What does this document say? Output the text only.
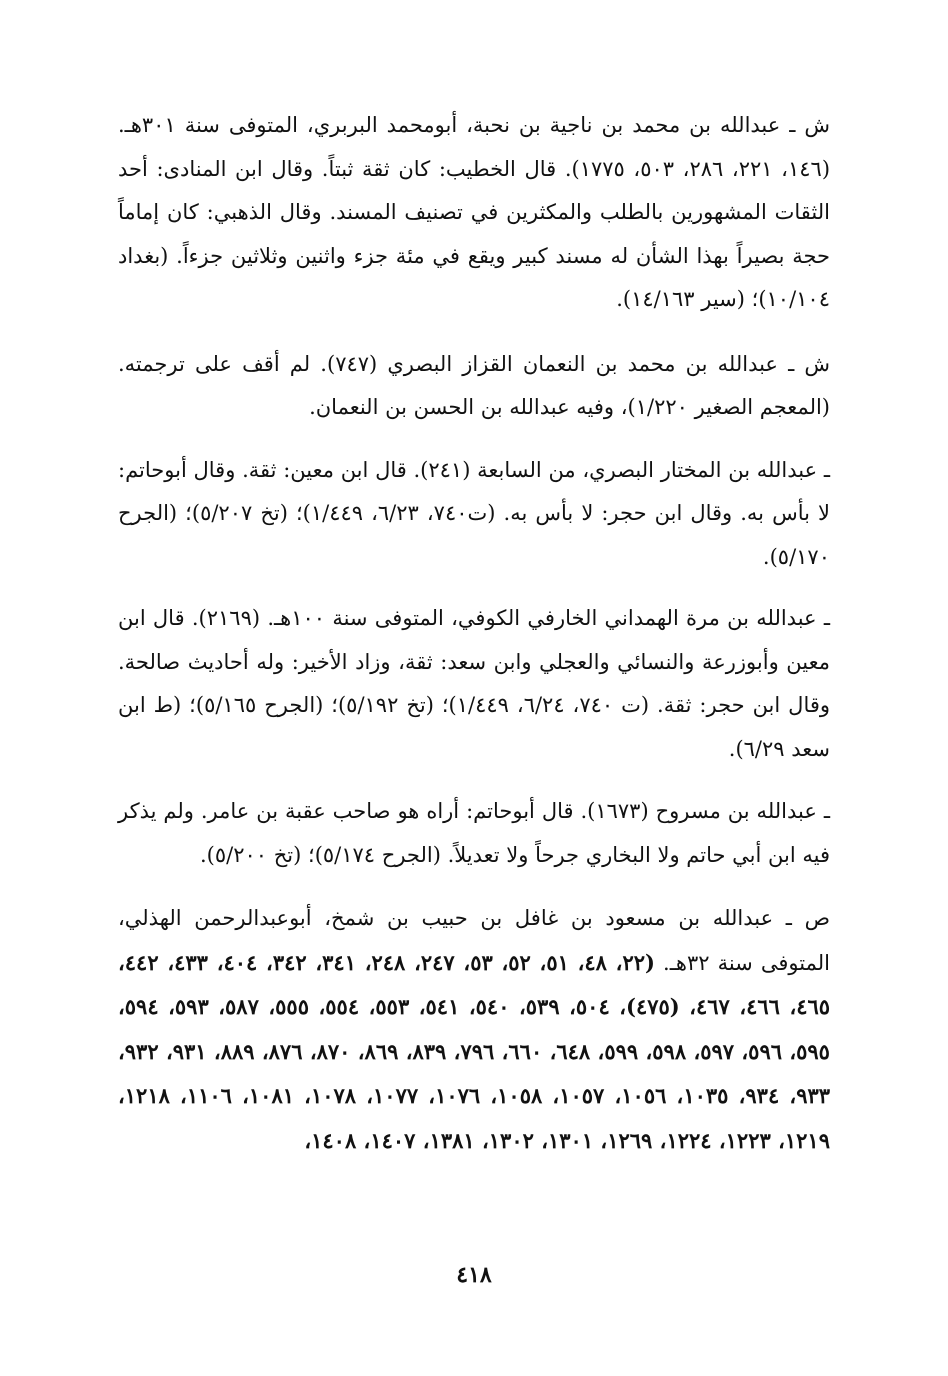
ش ـ عبدالله بن محمد بن ناجية بن نحبة، أبومحمد البربري، المتوفى سنة ٣٠١هـ. (١٤٦، ٢٢١، ٢٨٦، ٥٠٣، ١٧٧٥). قال الخطيب: كان ثقة ثبتاً. وقال ابن المنادى: أحد الثقات المشهورين بالطلب والمكثرين في تصنيف المسند. وقال الذهبي: كان إماماً حجة بصيراً بهذا الشأن له مسند كبير ويقع في مئة جزء واثنين وثلاثين جزءاً. (بغداد ١٠/١٠٤)؛ (سير ١٤/١٦٣).

ش ـ عبدالله بن محمد بن النعمان القزاز البصري (٧٤٧). لم أقف على ترجمته. (المعجم الصغير ١/٢٢٠)، وفيه عبدالله بن الحسن بن النعمان.

ـ عبدالله بن المختار البصري، من السابعة (٢٤١). قال ابن معين: ثقة. وقال أبوحاتم: لا بأس به. وقال ابن حجر: لا بأس به. (ت٧٤٠، ٦/٢٣، ١/٤٤٩)؛ (تخ ٥/٢٠٧)؛ (الجرح ٥/١٧٠).

ـ عبدالله بن مرة الهمداني الخارفي الكوفي، المتوفى سنة ١٠٠هـ. (٢١٦٩). قال ابن معين وأبوزرعة والنسائي والعجلي وابن سعد: ثقة، وزاد الأخير: وله أحاديث صالحة. وقال ابن حجر: ثقة. (ت ٧٤٠، ٦/٢٤، ١/٤٤٩)؛ (تخ ٥/١٩٢)؛ (الجرح ٥/١٦٥)؛ (ط ابن سعد ٦/٢٩).

ـ عبدالله بن مسروح (١٦٧٣). قال أبوحاتم: أراه هو صاحب عقبة بن عامر. ولم يذكر فيه ابن أبي حاتم ولا البخاري جرحاً ولا تعديلاً. (الجرح ٥/١٧٤)؛ (تخ ٥/٢٠٠).

ص ـ عبدالله بن مسعود بن غافل بن حبيب بن شمخ، أبوعبدالرحمن الهذلي، المتوفى سنة ٣٢هـ. (٢٢، ٤٨، ٥١، ٥٢، ٥٣، ٢٤٧، ٢٤٨، ٣٤١، ٣٤٢، ٤٠٤، ٤٣٣، ٤٤٢، ٤٦٥، ٤٦٦، ٤٦٧، (٤٧٥)، ٥٠٤، ٥٣٩، ٥٤٠، ٥٤١، ٥٥٣، ٥٥٤، ٥٥٥، ٥٨٧، ٥٩٣، ٥٩٤، ٥٩٥، ٥٩٦، ٥٩٧، ٥٩٨، ٥٩٩، ٦٤٨، ٦٦٠، ٧٩٦، ٨٣٩، ٨٦٩، ٨٧٠، ٨٧٦، ٨٨٩، ٩٣١، ٩٣٢، ٩٣٣، ٩٣٤، ١٠٣٥، ١٠٥٦، ١٠٥٧، ١٠٥٨، ١٠٧٦، ١٠٧٧، ١٠٧٨، ١٠٨١، ١١٠٦، ١٢١٨، ١٢١٩، ١٢٢٣، ١٢٢٤، ١٢٦٩، ١٣٠١، ١٣٠٢، ١٣٨١، ١٤٠٧، ١٤٠٨،

٤١٨
